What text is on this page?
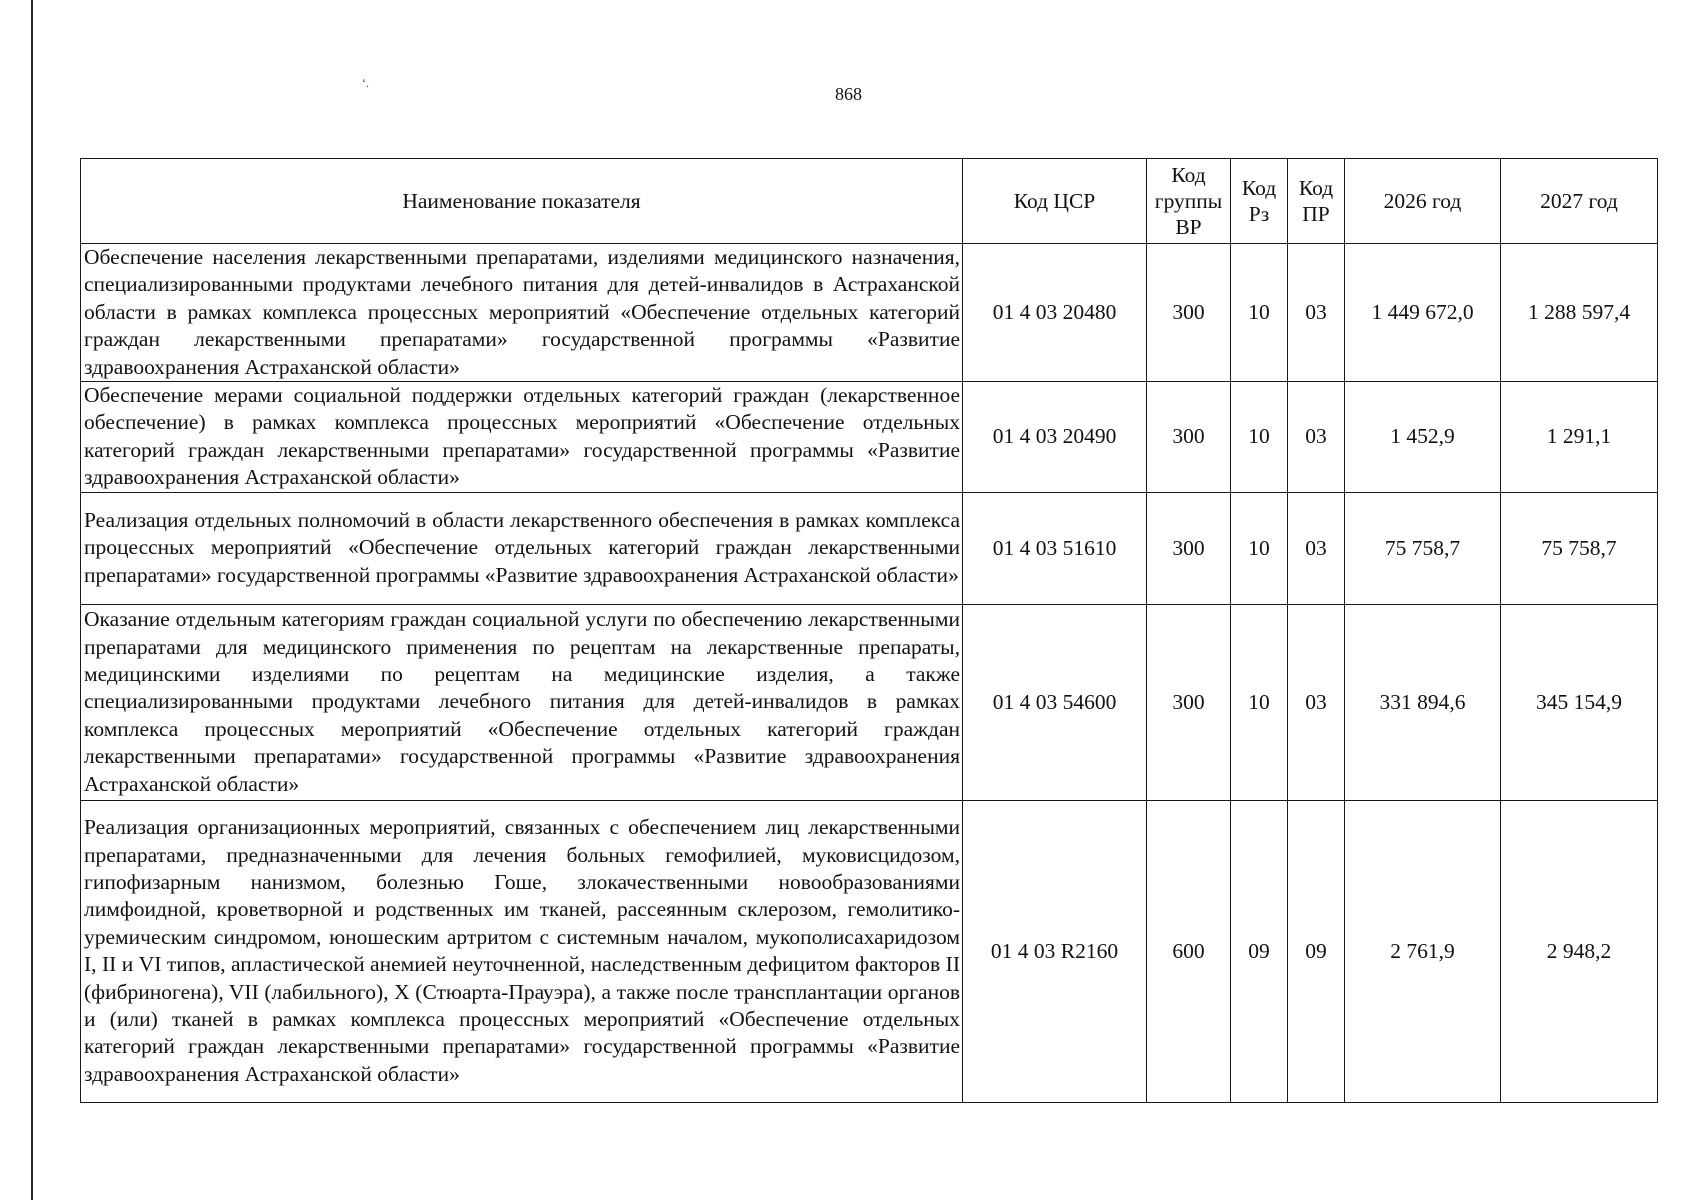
ʻ.
868
Наименование показателя	Код ЦСР	Код группы ВР	Код Рз	Код ПР	2026 год	2027 год
Обеспечение населения лекарственными препаратами, изделиями медицинского назначения, специализированными продуктами лечебного питания для детей-инвалидов в Астраханской области в рамках комплекса процессных мероприятий «Обеспечение отдельных категорий граждан лекарственными препаратами» государственной программы «Развитие здравоохранения Астраханской области»	01 4 03 20480	300	10	03	1 449 672,0	1 288 597,4
Обеспечение мерами социальной поддержки отдельных категорий граждан (лекарственное обеспечение) в рамках комплекса процессных мероприятий «Обеспечение отдельных категорий граждан лекарственными препаратами» государственной программы «Развитие здравоохранения Астраханской области»	01 4 03 20490	300	10	03	1 452,9	1 291,1
Реализация отдельных полномочий в области лекарственного обеспечения в рамках комплекса процессных мероприятий «Обеспечение отдельных категорий граждан лекарственными препаратами» государственной программы «Развитие здравоохранения Астраханской области»	01 4 03 51610	300	10	03	75 758,7	75 758,7
Оказание отдельным категориям граждан социальной услуги по обеспечению лекарственными препаратами для медицинского применения по рецептам на лекарственные препараты, медицинскими изделиями по рецептам на медицинские изделия, а также специализированными продуктами лечебного питания для детей-инвалидов в рамках комплекса процессных мероприятий «Обеспечение отдельных категорий граждан лекарственными препаратами» государственной программы «Развитие здравоохранения Астраханской области»	01 4 03 54600	300	10	03	331 894,6	345 154,9
Реализация организационных мероприятий, связанных с обеспечением лиц лекарственными препаратами, предназначенными для лечения больных гемофилией, муковисцидозом, гипофизарным нанизмом, болезнью Гоше, злокачественными новообразованиями лимфоидной, кроветворной и родственных им тканей, рассеянным склерозом, гемолитико-уремическим синдромом, юношеским артритом с системным началом, мукополисахаридозом I, II и VI типов, апластической анемией неуточненной, наследственным дефицитом факторов II (фибриногена), VII (лабильного), X (Стюарта-Прауэра), а также после трансплантации органов и (или) тканей в рамках комплекса процессных мероприятий «Обеспечение отдельных категорий граждан лекарственными препаратами» государственной программы «Развитие здравоохранения Астраханской области»	01 4 03 R2160	600	09	09	2 761,9	2 948,2
